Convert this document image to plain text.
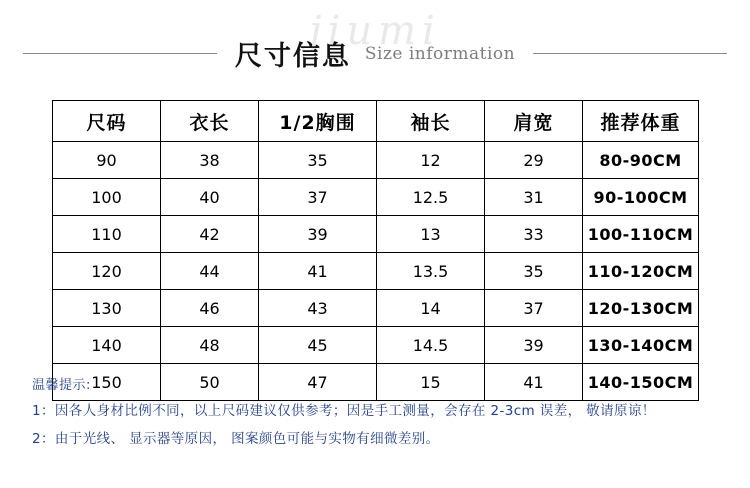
jiumi
尺寸信息 Size information
尺码	衣长	1/2胸围	袖长	肩宽	推荐体重
90	38	35	12	29	80-90CM
100	40	37	12.5	31	90-100CM
110	42	39	13	33	100-110CM
120	44	41	13.5	35	110-120CM
130	46	43	14	37	120-130CM
140	48	45	14.5	39	130-140CM
150	50	47	15	41	140-150CM
温馨提示:
1：因各人身材比例不同，以上尺码建议仅供参考；因是手工测量，会存在 2-3cm 误差， 敬请原谅！
2：由于光线、 显示器等原因， 图案颜色可能与实物有细微差别。
